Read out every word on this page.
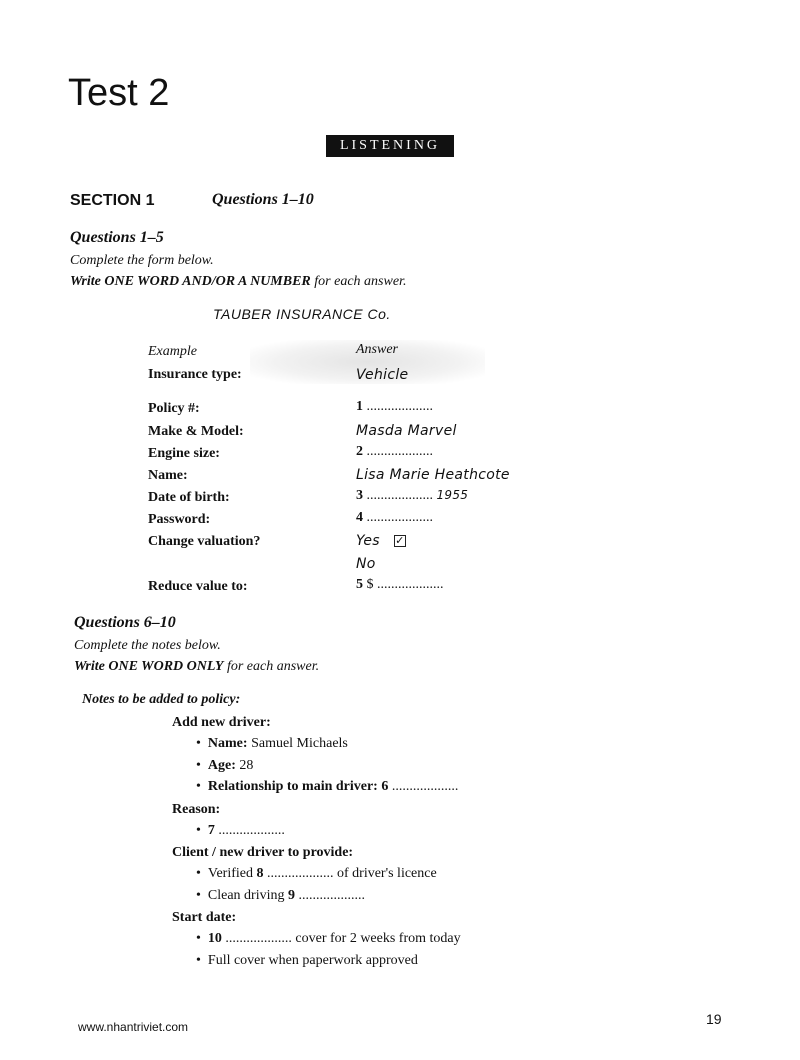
Test 2
LISTENING
SECTION 1	Questions 1–10
Questions 1–5
Complete the form below.
Write ONE WORD AND/OR A NUMBER for each answer.
TAUBER INSURANCE Co.
Example	Answer
Insurance type:	Vehicle
Policy #:	1 ...................
Make & Model:	Masda Marvel
Engine size:	2 ...................
Name:	Lisa Marie Heathcote
Date of birth:	3 ................... 1955
Password:	4 ...................
Change valuation?	Yes ✓
No
Reduce value to:	5 $ ...................
Questions 6–10
Complete the notes below.
Write ONE WORD ONLY for each answer.
Notes to be added to policy:
Add new driver:
•  Name: Samuel Michaels
•  Age: 28
•  Relationship to main driver: 6 ...................
Reason:
•  7 ...................
Client / new driver to provide:
•  Verified 8 ................... of driver's licence
•  Clean driving 9 ...................
Start date:
•  10 ................... cover for 2 weeks from today
•  Full cover when paperwork approved
www.nhantriviet.com	19
